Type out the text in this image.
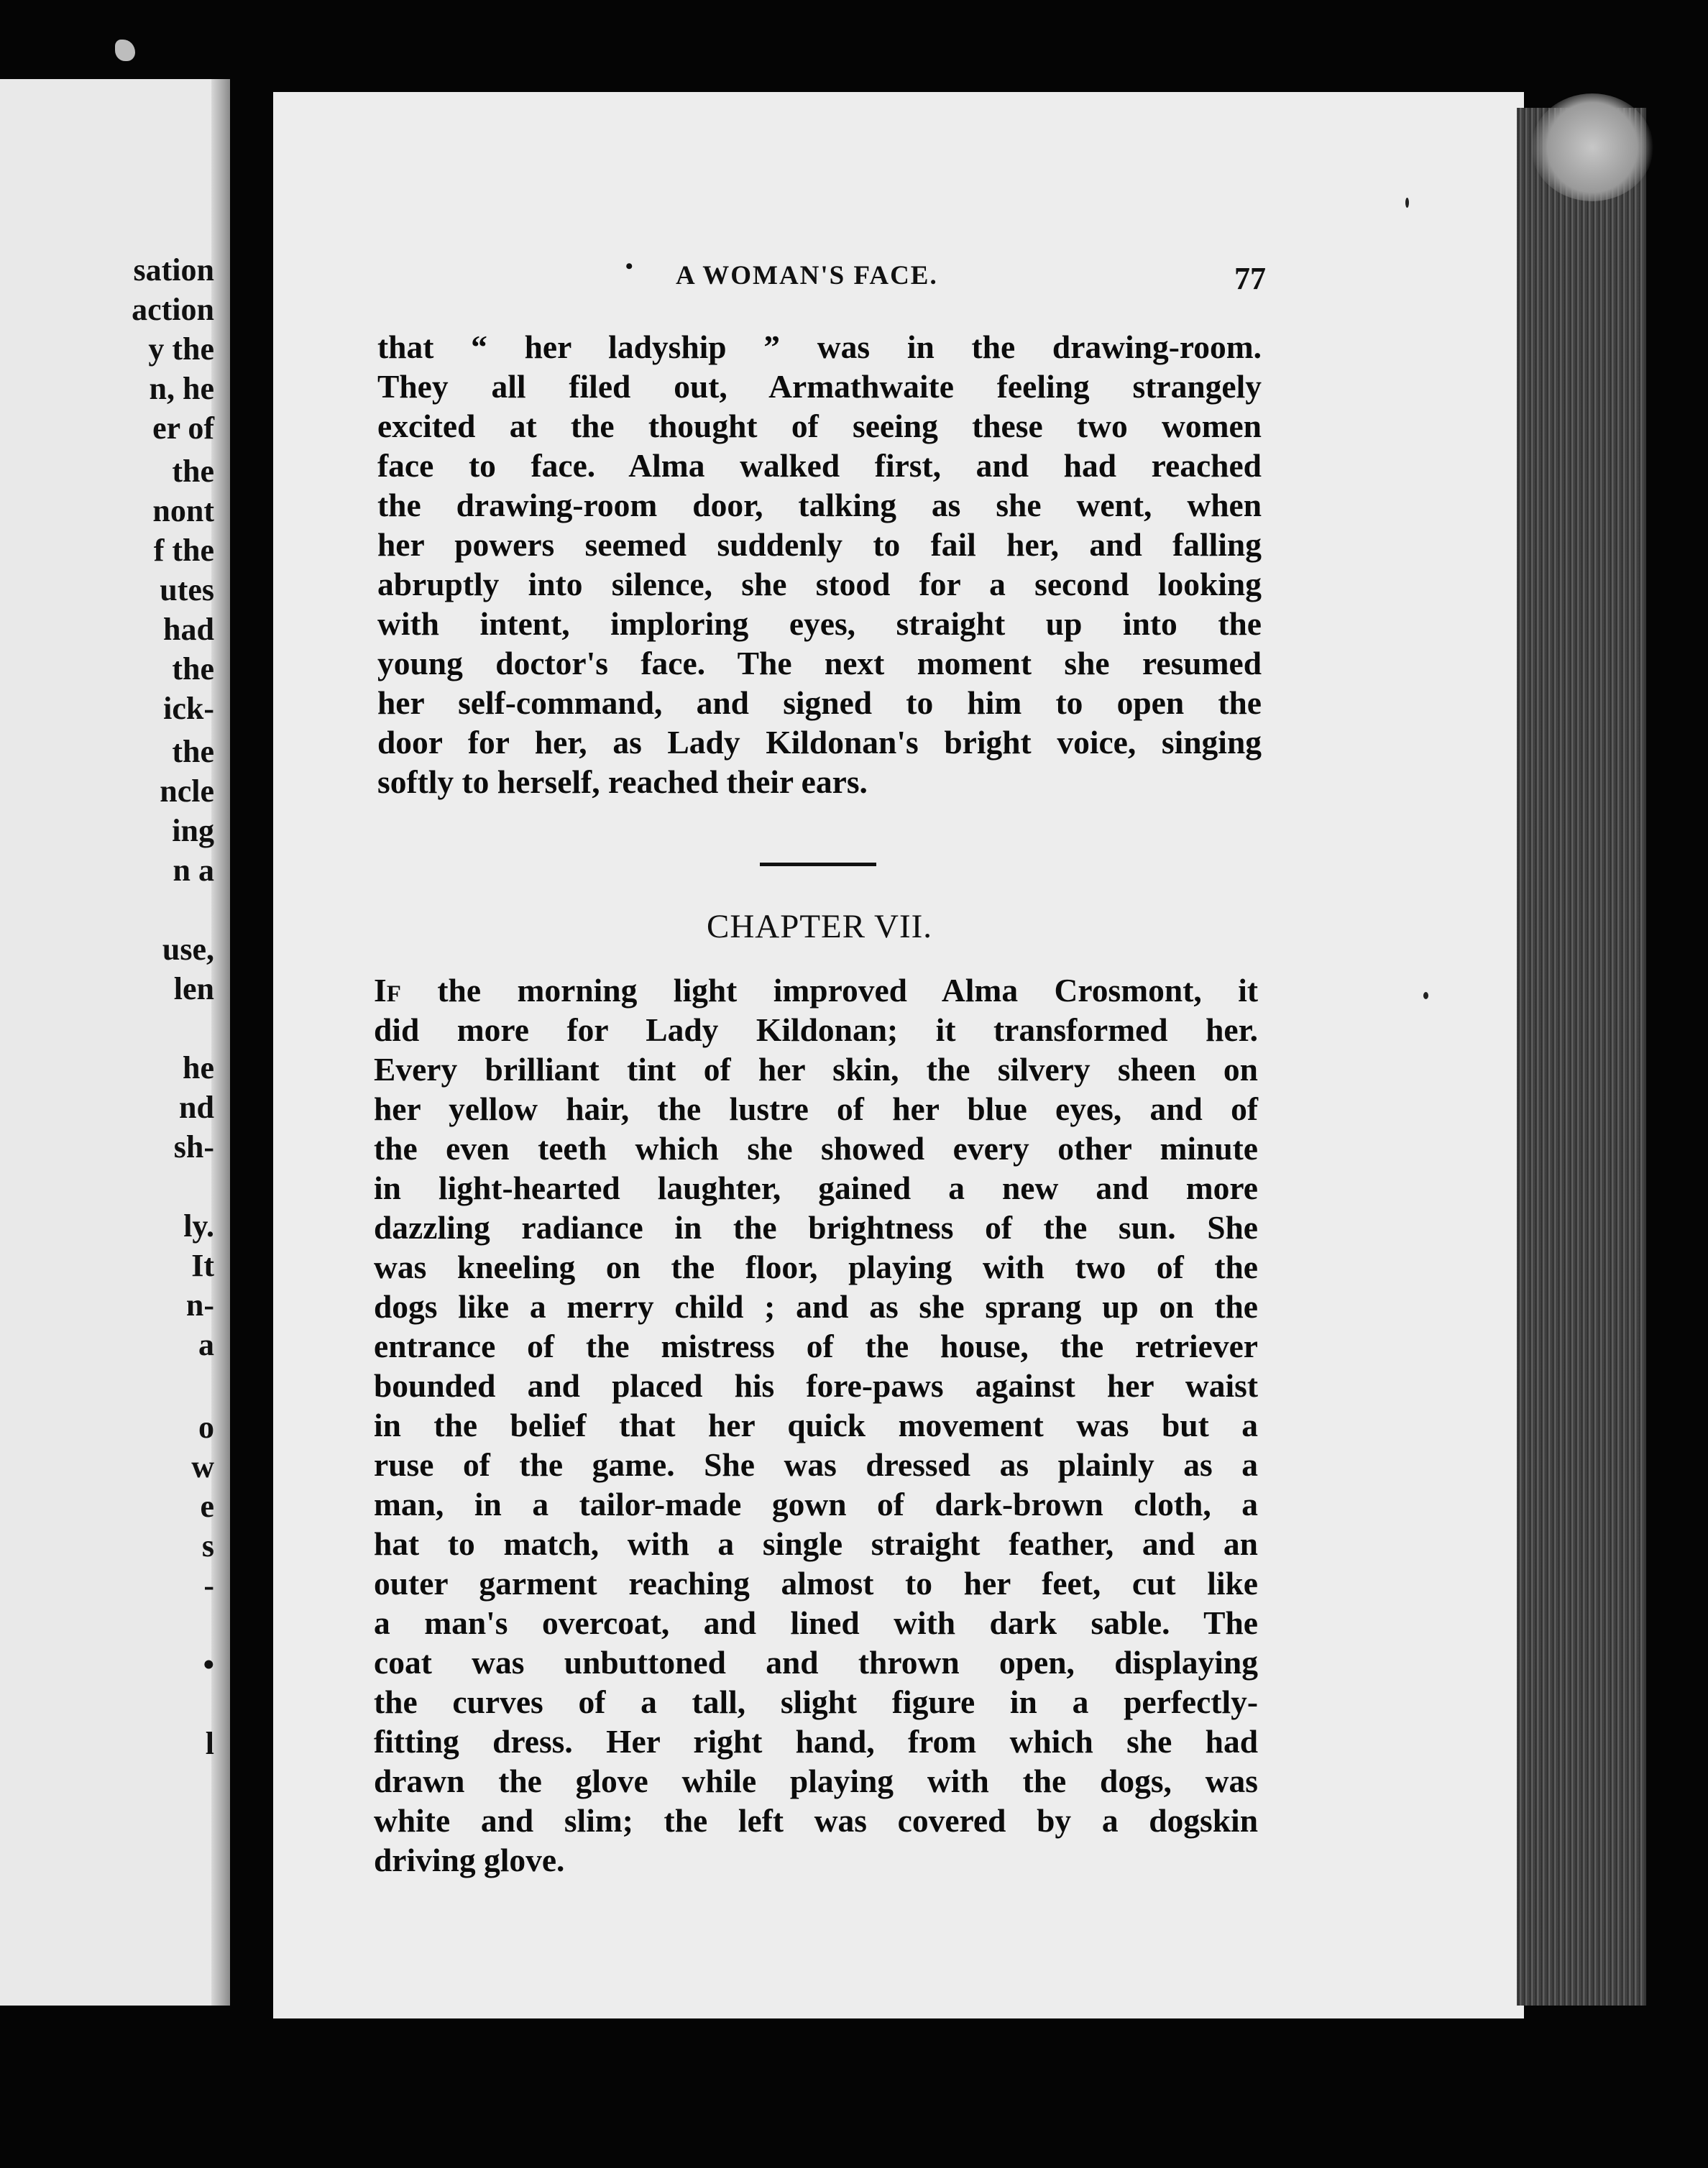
sation
action
y the
n, he
er of
the
nont
f the
utes
had
the
ick-
the
ncle
ing
n a
use,
len
he
nd
sh-
ly.
It
n-
a
o
w
e
s
-
•
l
• A WOMAN'S FACE.	77
that “ her ladyship ” was in the drawing-room.
They all filed out, Armathwaite feeling strangely
excited at the thought of seeing these two women
face to face. Alma walked first, and had reached
the drawing-room door, talking as she went, when
her powers seemed suddenly to fail her, and falling
abruptly into silence, she stood for a second looking
with intent, imploring eyes, straight up into the
young doctor's face. The next moment she resumed
her self-command, and signed to him to open the
door for her, as Lady Kildonan's bright voice, singing
softly to herself, reached their ears.
CHAPTER VII.
IF the morning light improved Alma Crosmont, it
did more for Lady Kildonan; it transformed her.
Every brilliant tint of her skin, the silvery sheen on
her yellow hair, the lustre of her blue eyes, and of
the even teeth which she showed every other minute
in light-hearted laughter, gained a new and more
dazzling radiance in the brightness of the sun. She
was kneeling on the floor, playing with two of the
dogs like a merry child ; and as she sprang up on the
entrance of the mistress of the house, the retriever
bounded and placed his fore-paws against her waist
in the belief that her quick movement was but a
ruse of the game. She was dressed as plainly as a
man, in a tailor-made gown of dark-brown cloth, a
hat to match, with a single straight feather, and an
outer garment reaching almost to her feet, cut like
a man's overcoat, and lined with dark sable. The
coat was unbuttoned and thrown open, displaying
the curves of a tall, slight figure in a perfectly-
fitting dress. Her right hand, from which she had
drawn the glove while playing with the dogs, was
white and slim; the left was covered by a dogskin
driving glove.
